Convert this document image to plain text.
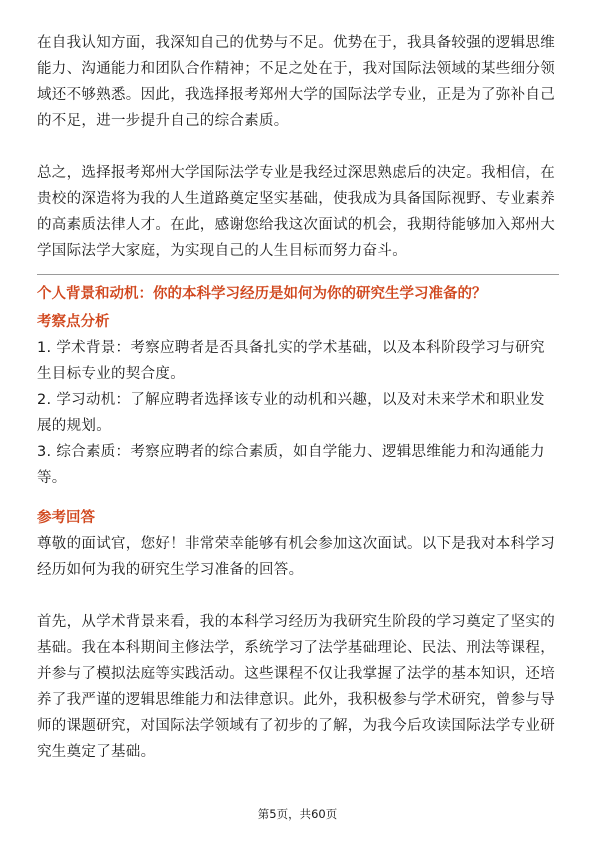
在自我认知方面，我深知自己的优势与不足。优势在于，我具备较强的逻辑思维能力、沟通能力和团队合作精神；不足之处在于，我对国际法领域的某些细分领域还不够熟悉。因此，我选择报考郑州大学的国际法学专业，正是为了弥补自己的不足，进一步提升自己的综合素质。

总之，选择报考郑州大学国际法学专业是我经过深思熟虑后的决定。我相信，在贵校的深造将为我的人生道路奠定坚实基础，使我成为具备国际视野、专业素养的高素质法律人才。在此，感谢您给我这次面试的机会，我期待能够加入郑州大学国际法学大家庭，为实现自己的人生目标而努力奋斗。

个人背景和动机：你的本科学习经历是如何为你的研究生学习准备的？

考察点分析

1. 学术背景：考察应聘者是否具备扎实的学术基础，以及本科阶段学习与研究生目标专业的契合度。

2. 学习动机：了解应聘者选择该专业的动机和兴趣，以及对未来学术和职业发展的规划。

3. 综合素质：考察应聘者的综合素质，如自学能力、逻辑思维能力和沟通能力等。

参考回答

尊敬的面试官，您好！非常荣幸能够有机会参加这次面试。以下是我对本科学习经历如何为我的研究生学习准备的回答。

首先，从学术背景来看，我的本科学习经历为我研究生阶段的学习奠定了坚实的基础。我在本科期间主修法学，系统学习了法学基础理论、民法、刑法等课程，并参与了模拟法庭等实践活动。这些课程不仅让我掌握了法学的基本知识，还培养了我严谨的逻辑思维能力和法律意识。此外，我积极参与学术研究，曾参与导师的课题研究，对国际法学领域有了初步的了解，为我今后攻读国际法学专业研究生奠定了基础。

第5页，共60页
